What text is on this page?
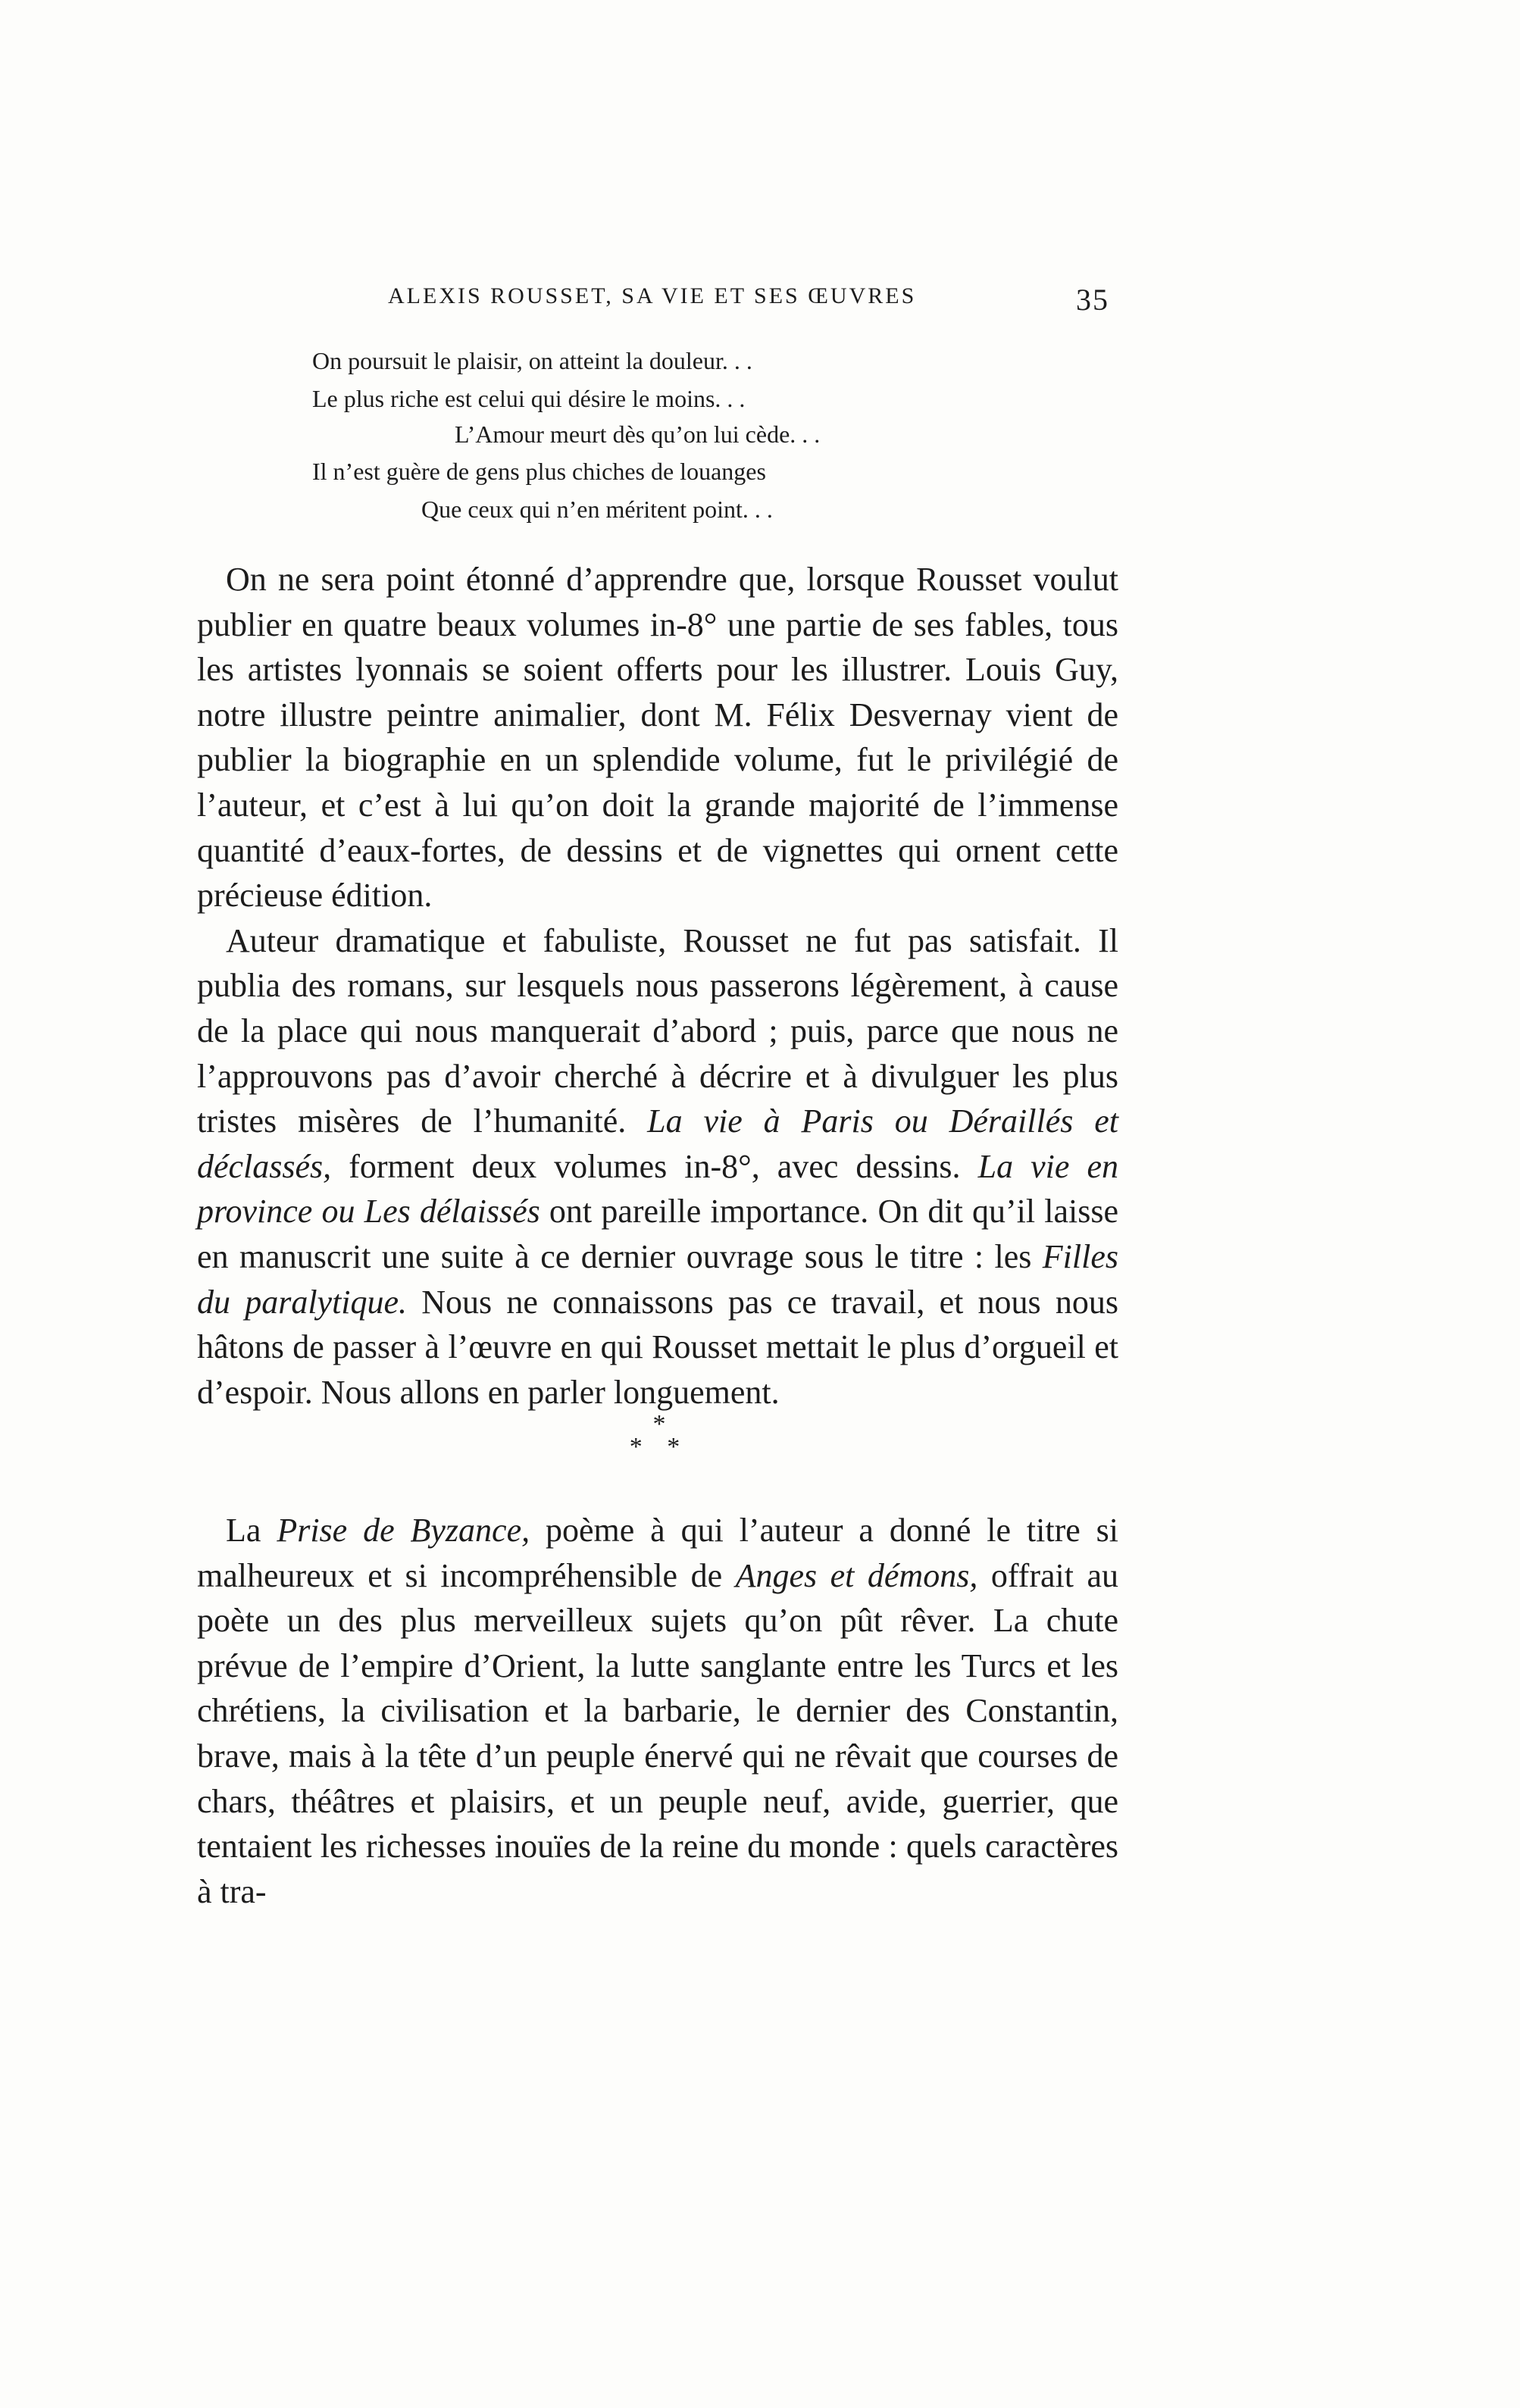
ALEXIS ROUSSET, SA VIE ET SES ŒUVRES	35
On poursuit le plaisir, on atteint la douleur. . .
Le plus riche est celui qui désire le moins. . .
L’Amour meurt dès qu’on lui cède. . .
Il n’est guère de gens plus chiches de louanges
Que ceux qui n’en méritent point. . .

On ne sera point étonné d’apprendre que, lorsque Rousset voulut publier en quatre beaux volumes in-8° une partie de ses fables, tous les artistes lyonnais se soient offerts pour les illustrer. Louis Guy, notre illustre peintre animalier, dont M. Félix Desvernay vient de publier la biographie en un splendide volume, fut le privilégié de l’auteur, et c’est à lui qu’on doit la grande majorité de l’immense quantité d’eaux-fortes, de dessins et de vignettes qui ornent cette précieuse édition.

Auteur dramatique et fabuliste, Rousset ne fut pas satisfait. Il publia des romans, sur lesquels nous passerons légèrement, à cause de la place qui nous manquerait d’abord ; puis, parce que nous ne l’approuvons pas d’avoir cherché à décrire et à divulguer les plus tristes misères de l’humanité. La vie à Paris ou Déraillés et déclassés, forment deux volumes in-8°, avec dessins. La vie en province ou Les délaissés ont pareille importance. On dit qu’il laisse en manuscrit une suite à ce dernier ouvrage sous le titre : les Filles du paralytique. Nous ne connaissons pas ce travail, et nous nous hâtons de passer à l’œuvre en qui Rousset mettait le plus d’orgueil et d’espoir. Nous allons en parler longuement.

*
* *

La Prise de Byzance, poème à qui l’auteur a donné le titre si malheureux et si incompréhensible de Anges et démons, offrait au poète un des plus merveilleux sujets qu’on pût rêver. La chute prévue de l’empire d’Orient, la lutte sanglante entre les Turcs et les chrétiens, la civilisation et la barbarie, le dernier des Constantin, brave, mais à la tête d’un peuple énervé qui ne rêvait que courses de chars, théâtres et plaisirs, et un peuple neuf, avide, guerrier, que tentaient les richesses inouïes de la reine du monde : quels caractères à tra-
